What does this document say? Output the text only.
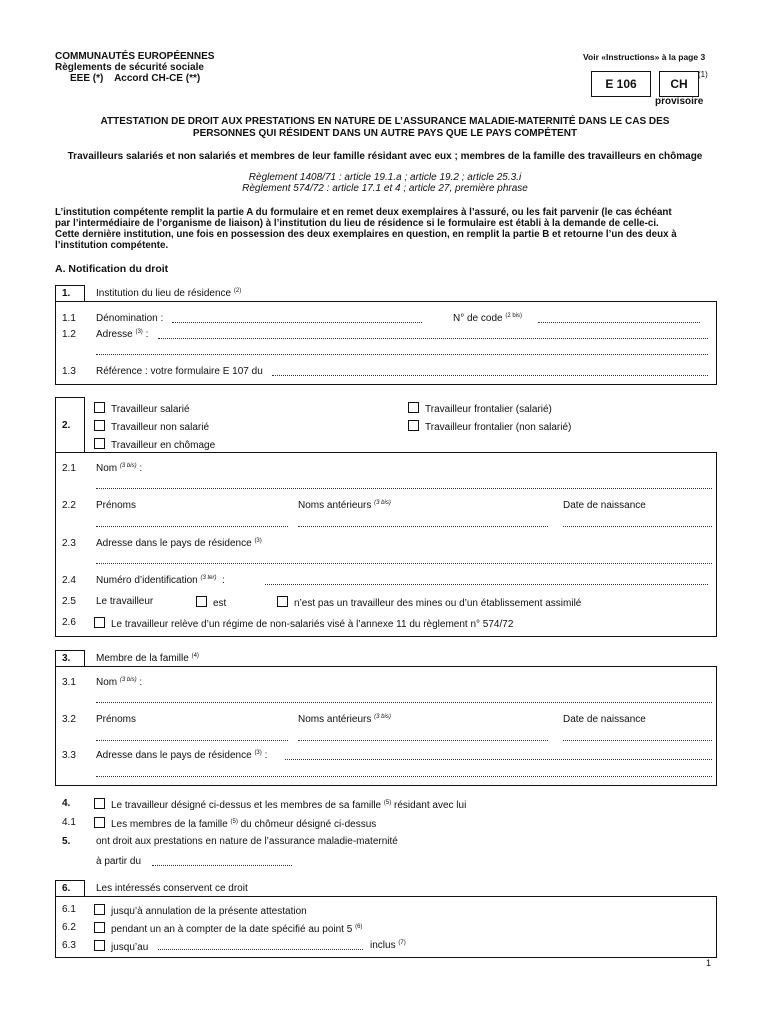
COMMUNAUTÉS EUROPÉENNES
Règlements de sécurité sociale
EEE (*)    Accord CH-CE (**)
Voir «Instructions» à la page 3
E 106	CH
(1)
provisoire
ATTESTATION DE DROIT AUX PRESTATIONS EN NATURE DE L’ASSURANCE MALADIE-MATERNITÉ DANS LE CAS DES
PERSONNES QUI RÉSIDENT DANS UN AUTRE PAYS QUE LE PAYS COMPÉTENT
Travailleurs salariés et non salariés et membres de leur famille résidant avec eux ; membres de la famille des travailleurs en chômage
Règlement 1408/71 : article 19.1.a ; article 19.2 ; article 25.3.i
Règlement 574/72 : article 17.1 et 4 ; article 27, première phrase
L’institution compétente remplit la partie A du formulaire et en remet deux exemplaires à l’assuré, ou les fait parvenir (le cas échéant
par l’intermédiaire de l’organisme de liaison) à l’institution du lieu de résidence si le formulaire est établi à la demande de celle-ci.
Cette dernière institution, une fois en possession des deux exemplaires en question, en remplit la partie B et retourne l’un des deux à
l’institution compétente.
A. Notification du droit
1.	Institution du lieu de résidence $^{(2)}$
1.1 Dénomination :	N° de code $^{(2 bis)}$
1.2 Adresse $^{(3)}$ :
1.3 Référence : votre formulaire E 107 du
2.
Travailleur salarié
Travailleur non salarié
Travailleur en chômage
Travailleur frontalier (salarié)
Travailleur frontalier (non salarié)
2.1 Nom $^{(3 bis)}$ :
2.2 Prénoms	Noms antérieurs $^{(3 bis)}$	Date de naissance
2.3 Adresse dans le pays de résidence $^{(3)}$
2.4 Numéro d’identification $^{(3 ter)}$ :
2.5 Le travailleur	est	n’est pas un travailleur des mines ou d’un établissement assimilé
2.6	Le travailleur relève d’un régime de non-salariés visé à l’annexe 11 du règlement n° 574/72
3.	Membre de la famille $^{(4)}$
3.1 Nom $^{(3 bis)}$ :
3.2 Prénoms	Noms antérieurs $^{(3 bis)}$	Date de naissance
3.3 Adresse dans le pays de résidence $^{(3)}$ :
4.	Le travailleur désigné ci-dessus et les membres de sa famille $^{(5)}$ résidant avec lui
4.1	Les membres de la famille $^{(5)}$ du chômeur désigné ci-dessus
5.	ont droit aux prestations en nature de l’assurance maladie-maternité
à partir du
6.	Les intéressés conservent ce droit
6.1	jusqu’à annulation de la présente attestation
6.2	pendant un an à compter de la date spécifié au point 5 $^{(6)}$
6.3	jusqu’au	inclus $^{(7)}$
1
